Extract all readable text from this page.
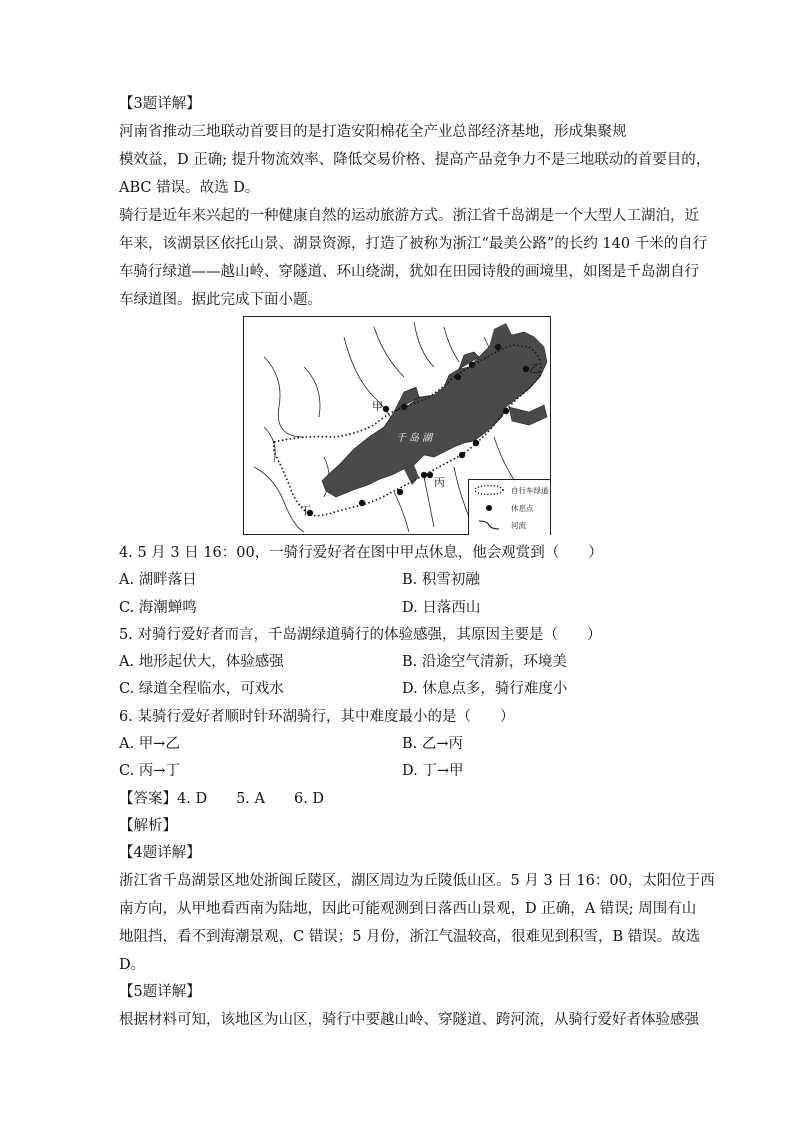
【3题详解】
河南省推动三地联动首要目的是打造安阳棉花全产业总部经济基地，形成集聚规
模效益，D 正确; 提升物流效率、降低交易价格、提高产品竞争力不是三地联动的首要目的，
ABC 错误。故选 D。
骑行是近年来兴起的一种健康自然的运动旅游方式。浙江省千岛湖是一个大型人工湖泊，近
年来，该湖景区依托山景、湖景资源，打造了被称为浙江“最美公路”的长约 140 千米的自行
车骑行绿道——越山岭、穿隧道、环山绕湖，犹如在田园诗般的画境里，如图是千岛湖自行
车绿道图。据此完成下面小题。
甲
乙
丙
丁
千岛湖
自行车绿道
休息点
河流
4. 5 月 3 日 16：00，一骑行爱好者在图中甲点休息，他会观赏到（　　）
A. 湖畔落日	B. 积雪初融
C. 海潮蝉鸣	D. 日落西山
5. 对骑行爱好者而言，千岛湖绿道骑行的体验感强，其原因主要是（　　）
A. 地形起伏大，体验感强	B. 沿途空气清新，环境美
C. 绿道全程临水，可戏水	D. 休息点多，骑行难度小
6. 某骑行爱好者顺时针环湖骑行，其中难度最小的是（　　）
A. 甲→乙	B. 乙→丙
C. 丙→丁	D. 丁→甲
【答案】4. D　　5. A　　6. D
【解析】
【4题详解】
浙江省千岛湖景区地处浙闽丘陵区，湖区周边为丘陵低山区。5 月 3 日 16：00，太阳位于西
南方向，从甲地看西南为陆地，因此可能观测到日落西山景观，D 正确，A 错误; 周围有山
地阻挡，看不到海潮景观，C 错误；5 月份，浙江气温较高，很难见到积雪，B 错误。故选
D。
【5题详解】
根据材料可知，该地区为山区，骑行中要越山岭、穿隧道、跨河流，从骑行爱好者体验感强
